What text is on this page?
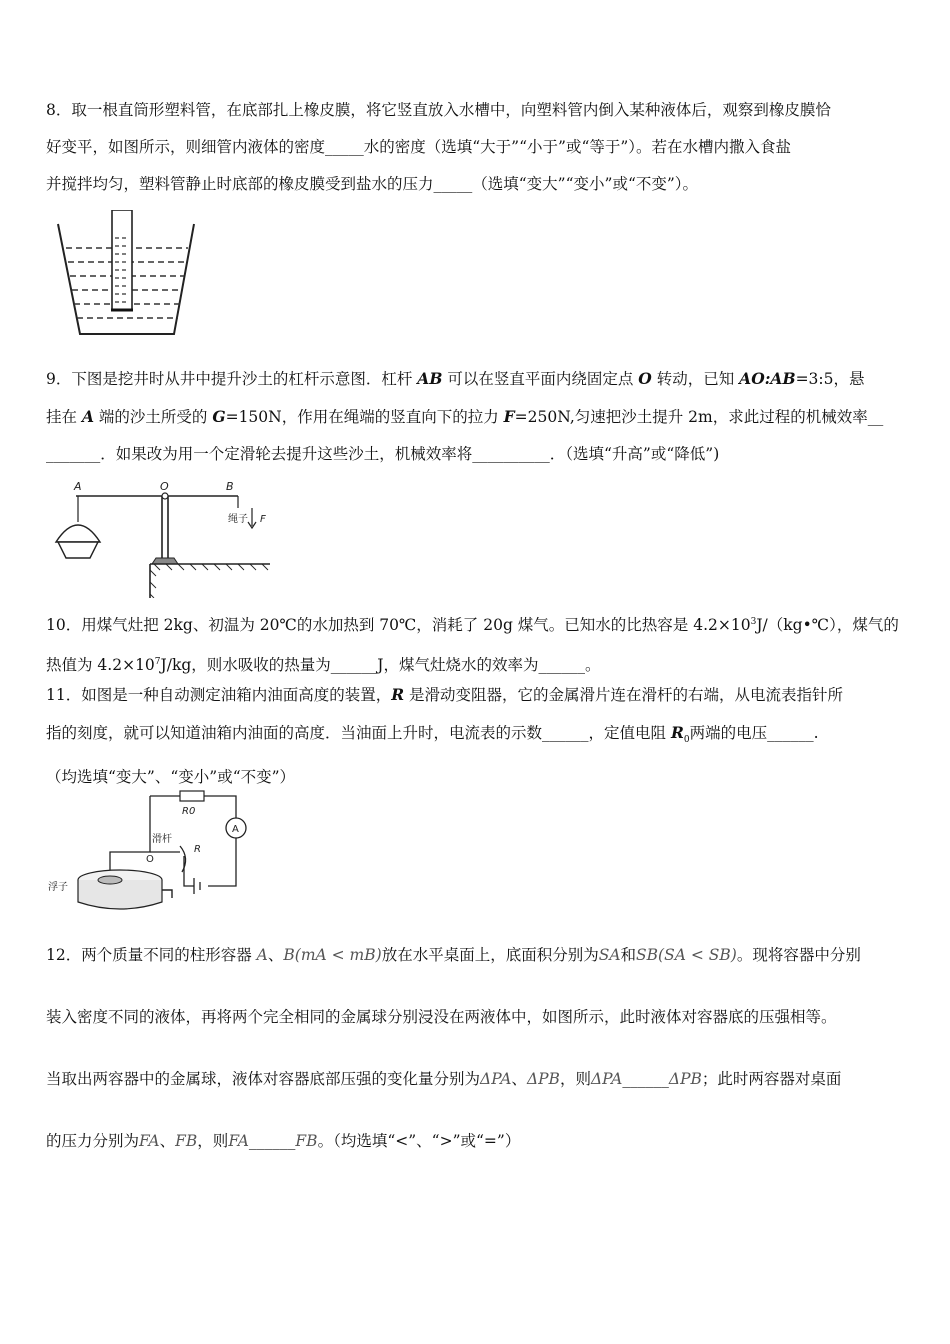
8．取一根直筒形塑料管，在底部扎上橡皮膜，将它竖直放入水槽中，向塑料管内倒入某种液体后，观察到橡皮膜恰
好变平，如图所示，则细管内液体的密度_____水的密度（选填“大于”“小于”或“等于”）。若在水槽内撒入食盐
并搅拌均匀，塑料管静止时底部的橡皮膜受到盐水的压力_____（选填“变大”“变小”或“不变”）。
9．下图是挖井时从井中提升沙土的杠杆示意图．杠杆 AB 可以在竖直平面内绕固定点 O 转动，已知 AO:AB=3:5，悬
挂在 A 端的沙土所受的 G=150N，作用在绳端的竖直向下的拉力 F=250N,匀速把沙土提升 2m，求此过程的机械效率__
_______．如果改为用一个定滑轮去提升这些沙土，机械效率将__________．（选填“升高”或“降低”)
A	O	B
绳子 F
10．用煤气灶把 2kg、初温为 20℃的水加热到 70℃，消耗了 20g 煤气。已知水的比热容是 $4.2\times 10^3J/(kg•℃)$，煤气的
热值为 $4.2\times 10^7J/kg$，则水吸收的热量为______J，煤气灶烧水的效率为______。
11．如图是一种自动测定油箱内油面高度的装置，R 是滑动变阻器，它的金属滑片连在滑杆的右端，从电流表指针所
指的刻度，就可以知道油箱内油面的高度．当油面上升时，电流表的示数______，定值电阻 $R_0$两端的电压______.
（均选填“变大”、“变小”或“不变”）
R0
A
滑杆
O
R
浮子
12．两个质量不同的柱形容器 A、B(mA < mB)放在水平桌面上，底面积分别为SA和SB(SA < SB)。现将容器中分别
装入密度不同的液体，再将两个完全相同的金属球分别浸没在两液体中，如图所示，此时液体对容器底的压强相等。
当取出两容器中的金属球，液体对容器底部压强的变化量分别为ΔPA、ΔPB，则ΔPA______ΔPB；此时两容器对桌面
的压力分别为FA、FB，则FA______FB。（均选填“<”、“>”或“=”）
